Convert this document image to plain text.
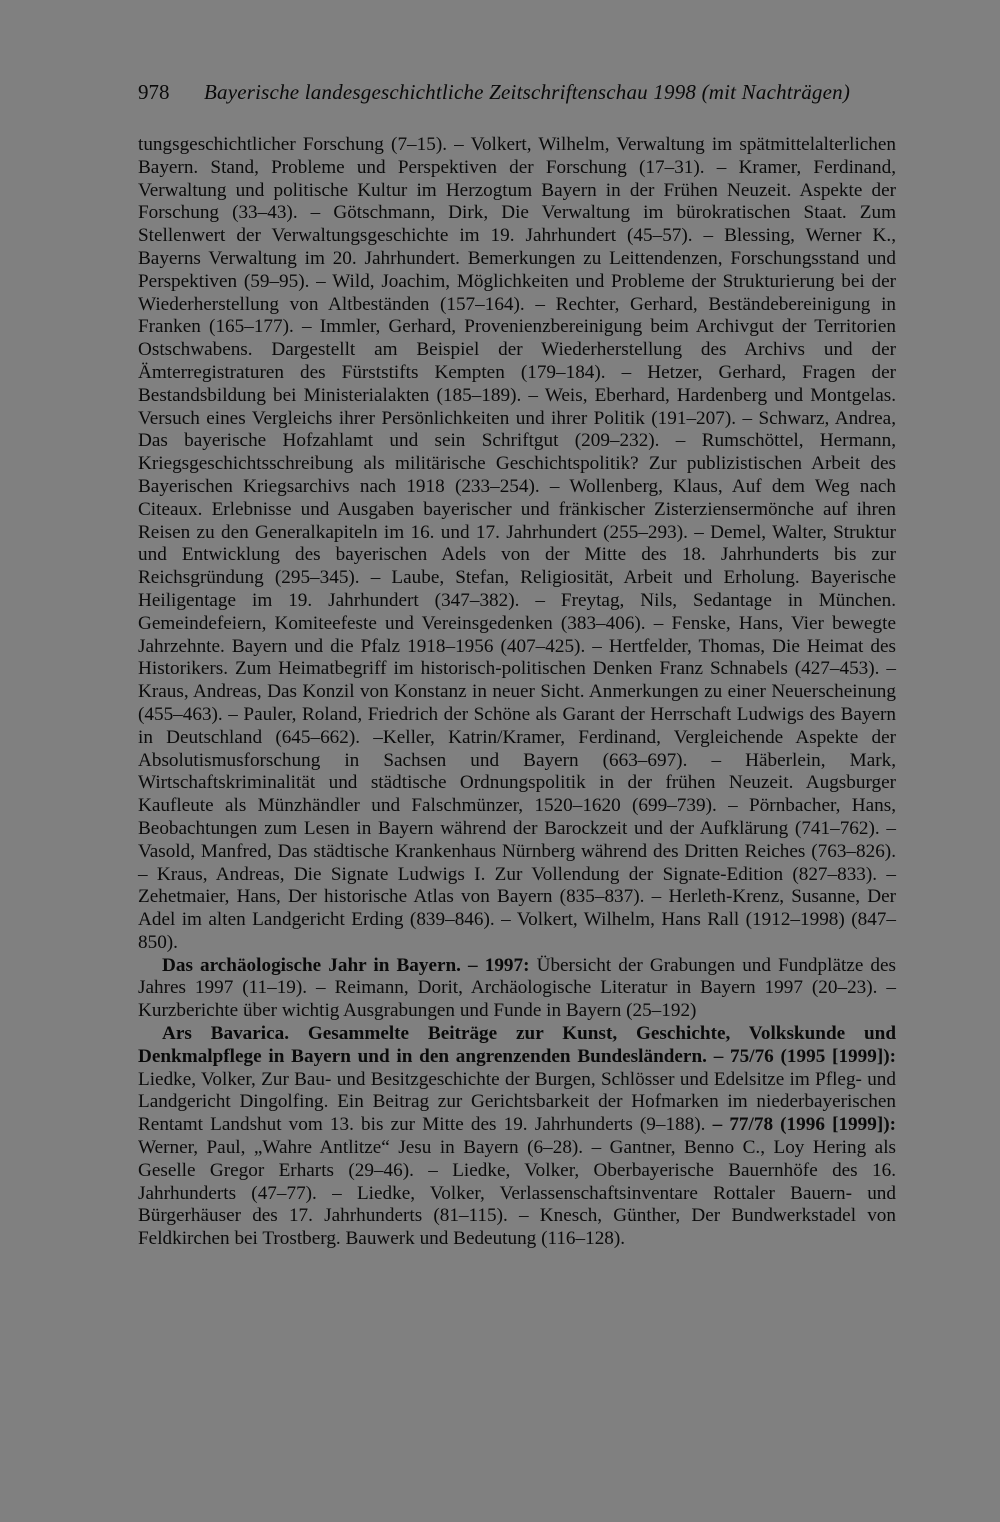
978 Bayerische landesgeschichtliche Zeitschriftenschau 1998 (mit Nachträgen)

tungsgeschichtlicher Forschung (7–15). – Volkert, Wilhelm, Verwaltung im spätmittelalterlichen Bayern. Stand, Probleme und Perspektiven der Forschung (17–31). – Kramer, Ferdinand, Verwaltung und politische Kultur im Herzogtum Bayern in der Frühen Neuzeit. Aspekte der Forschung (33–43). – Götschmann, Dirk, Die Verwaltung im bürokratischen Staat. Zum Stellenwert der Verwaltungsgeschichte im 19. Jahrhundert (45–57). – Blessing, Werner K., Bayerns Verwaltung im 20. Jahrhundert. Bemerkungen zu Leittendenzen, Forschungsstand und Perspektiven (59–95). – Wild, Joachim, Möglichkeiten und Probleme der Strukturierung bei der Wiederherstellung von Altbeständen (157–164). – Rechter, Gerhard, Beständebereinigung in Franken (165–177). – Immler, Gerhard, Provenienzbereinigung beim Archivgut der Territorien Ostschwabens. Dargestellt am Beispiel der Wiederherstellung des Archivs und der Ämterregistraturen des Fürststifts Kempten (179–184). – Hetzer, Gerhard, Fragen der Bestandsbildung bei Ministerialakten (185–189). – Weis, Eberhard, Hardenberg und Montgelas. Versuch eines Vergleichs ihrer Persönlichkeiten und ihrer Politik (191–207). – Schwarz, Andrea, Das bayerische Hofzahlamt und sein Schriftgut (209–232). – Rumschöttel, Hermann, Kriegsgeschichtsschreibung als militärische Geschichtspolitik? Zur publizistischen Arbeit des Bayerischen Kriegsarchivs nach 1918 (233–254). – Wollenberg, Klaus, Auf dem Weg nach Citeaux. Erlebnisse und Ausgaben bayerischer und fränkischer Zisterziensermönche auf ihren Reisen zu den Generalkapiteln im 16. und 17. Jahrhundert (255–293). – Demel, Walter, Struktur und Entwicklung des bayerischen Adels von der Mitte des 18. Jahrhunderts bis zur Reichsgründung (295–345). – Laube, Stefan, Religiosität, Arbeit und Erholung. Bayerische Heiligentage im 19. Jahrhundert (347–382). – Freytag, Nils, Sedantage in München. Gemeindefeiern, Komiteefeste und Vereinsgedenken (383–406). – Fenske, Hans, Vier bewegte Jahrzehnte. Bayern und die Pfalz 1918–1956 (407–425). – Hertfelder, Thomas, Die Heimat des Historikers. Zum Heimatbegriff im historisch-politischen Denken Franz Schnabels (427–453). – Kraus, Andreas, Das Konzil von Konstanz in neuer Sicht. Anmerkungen zu einer Neuerscheinung (455–463). – Pauler, Roland, Friedrich der Schöne als Garant der Herrschaft Ludwigs des Bayern in Deutschland (645–662). –Keller, Katrin/Kramer, Ferdinand, Vergleichende Aspekte der Absolutismusforschung in Sachsen und Bayern (663–697). – Häberlein, Mark, Wirtschaftskriminalität und städtische Ordnungspolitik in der frühen Neuzeit. Augsburger Kaufleute als Münzhändler und Falschmünzer, 1520–1620 (699–739). – Pörnbacher, Hans, Beobachtungen zum Lesen in Bayern während der Barockzeit und der Aufklärung (741–762). – Vasold, Manfred, Das städtische Krankenhaus Nürnberg während des Dritten Reiches (763–826). – Kraus, Andreas, Die Signate Ludwigs I. Zur Vollendung der Signate-Edition (827–833). – Zehetmaier, Hans, Der historische Atlas von Bayern (835–837). – Herleth-Krenz, Susanne, Der Adel im alten Landgericht Erding (839–846). – Volkert, Wilhelm, Hans Rall (1912–1998) (847–850).

Das archäologische Jahr in Bayern. – 1997: Übersicht der Grabungen und Fundplätze des Jahres 1997 (11–19). – Reimann, Dorit, Archäologische Literatur in Bayern 1997 (20–23). – Kurzberichte über wichtig Ausgrabungen und Funde in Bayern (25–192)

Ars Bavarica. Gesammelte Beiträge zur Kunst, Geschichte, Volkskunde und Denkmalpflege in Bayern und in den angrenzenden Bundesländern. – 75/76 (1995 [1999]): Liedke, Volker, Zur Bau- und Besitzgeschichte der Burgen, Schlösser und Edelsitze im Pfleg- und Landgericht Dingolfing. Ein Beitrag zur Gerichtsbarkeit der Hofmarken im niederbayerischen Rentamt Landshut vom 13. bis zur Mitte des 19. Jahrhunderts (9–188). – 77/78 (1996 [1999]): Werner, Paul, „Wahre Antlitze“ Jesu in Bayern (6–28). – Gantner, Benno C., Loy Hering als Geselle Gregor Erharts (29–46). – Liedke, Volker, Oberbayerische Bauernhöfe des 16. Jahrhunderts (47–77). – Liedke, Volker, Verlassenschaftsinventare Rottaler Bauern- und Bürgerhäuser des 17. Jahrhunderts (81–115). – Knesch, Günther, Der Bundwerkstadel von Feldkirchen bei Trostberg. Bauwerk und Bedeutung (116–128).
